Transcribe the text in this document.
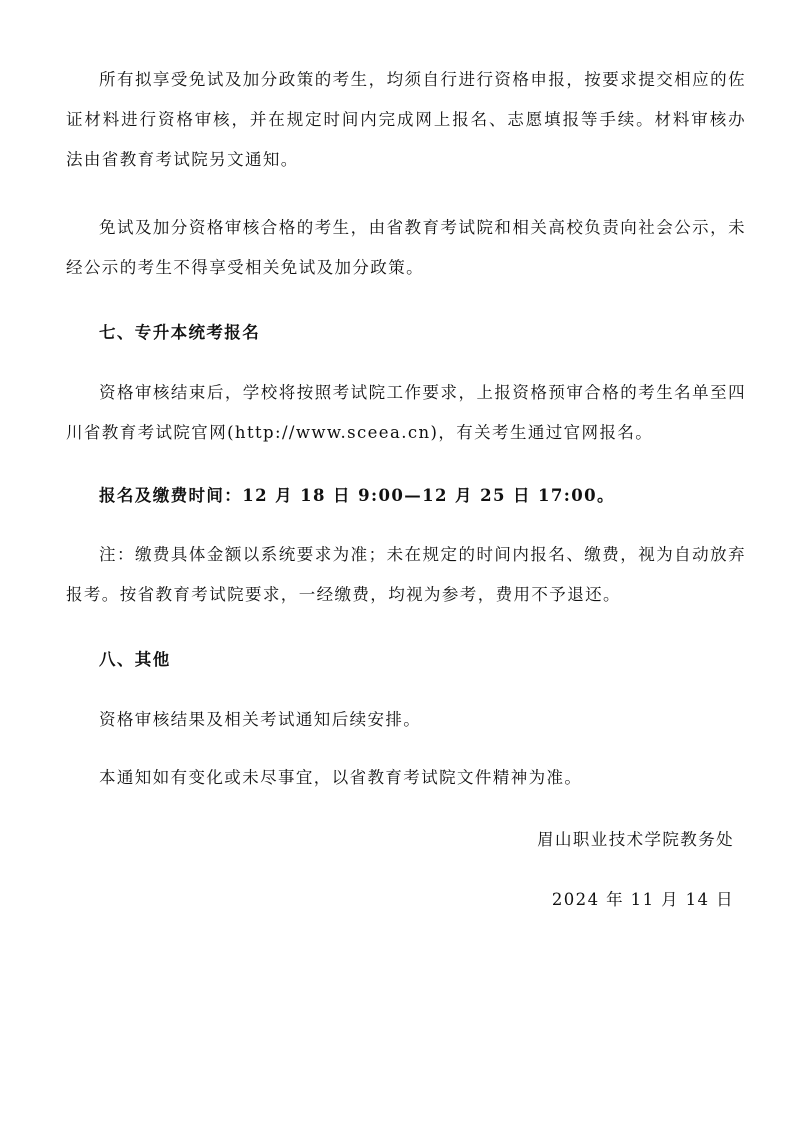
所有拟享受免试及加分政策的考生，均须自行进行资格申报，按要求提交相应的佐证材料进行资格审核，并在规定时间内完成网上报名、志愿填报等手续。材料审核办法由省教育考试院另文通知。

免试及加分资格审核合格的考生，由省教育考试院和相关高校负责向社会公示，未经公示的考生不得享受相关免试及加分政策。

七、专升本统考报名

资格审核结束后，学校将按照考试院工作要求，上报资格预审合格的考生名单至四川省教育考试院官网(http://www.sceea.cn)，有关考生通过官网报名。

报名及缴费时间：12 月 18 日 9:00—12 月 25 日 17:00。

注：缴费具体金额以系统要求为准；未在规定的时间内报名、缴费，视为自动放弃报考。按省教育考试院要求，一经缴费，均视为参考，费用不予退还。

八、其他

资格审核结果及相关考试通知后续安排。

本通知如有变化或未尽事宜，以省教育考试院文件精神为准。

眉山职业技术学院教务处

2024 年 11 月 14 日
